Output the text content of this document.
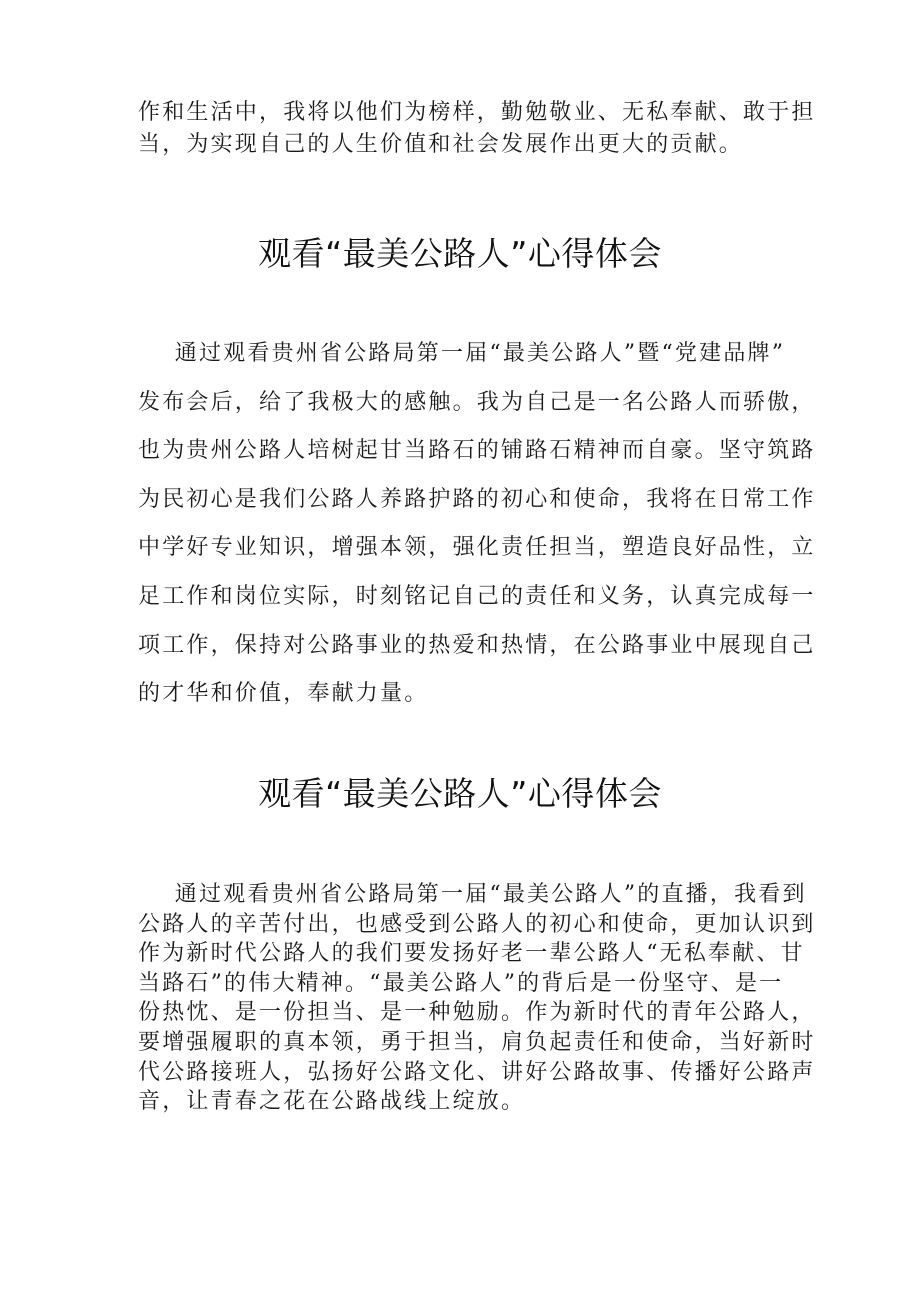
作和生活中，我将以他们为榜样，勤勉敬业、无私奉献、敢于担

当，为实现自己的人生价值和社会发展作出更大的贡献。

观看“最美公路人”心得体会

通过观看贵州省公路局第一届“最美公路人”暨“党建品牌”

发布会后，给了我极大的感触。我为自己是一名公路人而骄傲，

也为贵州公路人培树起甘当路石的铺路石精神而自豪。坚守筑路

为民初心是我们公路人养路护路的初心和使命，我将在日常工作

中学好专业知识，增强本领，强化责任担当，塑造良好品性，立

足工作和岗位实际，时刻铭记自己的责任和义务，认真完成每一

项工作，保持对公路事业的热爱和热情，在公路事业中展现自己

的才华和价值，奉献力量。

观看“最美公路人”心得体会

通过观看贵州省公路局第一届“最美公路人”的直播，我看到

公路人的辛苦付出，也感受到公路人的初心和使命，更加认识到

作为新时代公路人的我们要发扬好老一辈公路人“无私奉献、甘

当路石”的伟大精神。“最美公路人”的背后是一份坚守、是一

份热忱、是一份担当、是一种勉励。作为新时代的青年公路人，

要增强履职的真本领，勇于担当，肩负起责任和使命，当好新时

代公路接班人，弘扬好公路文化、讲好公路故事、传播好公路声

音，让青春之花在公路战线上绽放。
